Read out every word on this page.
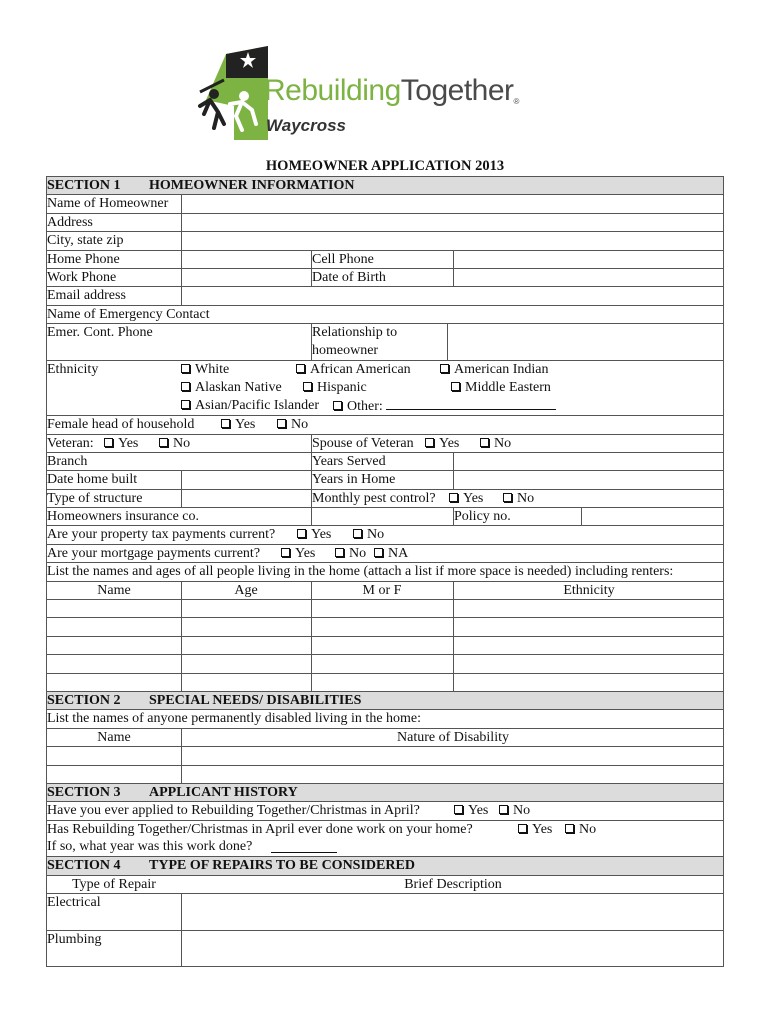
RebuildingTogether®
Waycross
HOMEOWNER APPLICATION 2013
SECTION 1 HOMEOWNER INFORMATION
Name of Homeowner
Address
City, state zip
Home Phone	Cell Phone
Work Phone	Date of Birth
Email address
Name of Emergency Contact
Emer. Cont. Phone	Relationship to
homeowner
Ethnicity	White	African American	American Indian
Alaskan Native	Hispanic	Middle Eastern
Asian/Pacific Islander	Other:
Female head of household	Yes	No
Veteran:	Yes	No	Spouse of Veteran	Yes	No
Branch	Years Served
Date home built	Years in Home
Type of structure	Monthly pest control?	Yes	No
Homeowners insurance co.	Policy no.
Are your property tax payments current?	Yes	No
Are your mortgage payments current?	Yes	No	NA
List the names and ages of all people living in the home (attach a list if more space is needed) including renters:
Name	Age	M or F	Ethnicity
SECTION 2 SPECIAL NEEDS/ DISABILITIES
List the names of anyone permanently disabled living in the home:
Name	Nature of Disability
SECTION 3 APPLICANT HISTORY
Have you ever applied to Rebuilding Together/Christmas in April?	Yes	No
Has Rebuilding Together/Christmas in April ever done work on your home?	Yes	No
If so, what year was this work done?
SECTION 4 TYPE OF REPAIRS TO BE CONSIDERED
Type of Repair	Brief Description
Electrical
Plumbing
